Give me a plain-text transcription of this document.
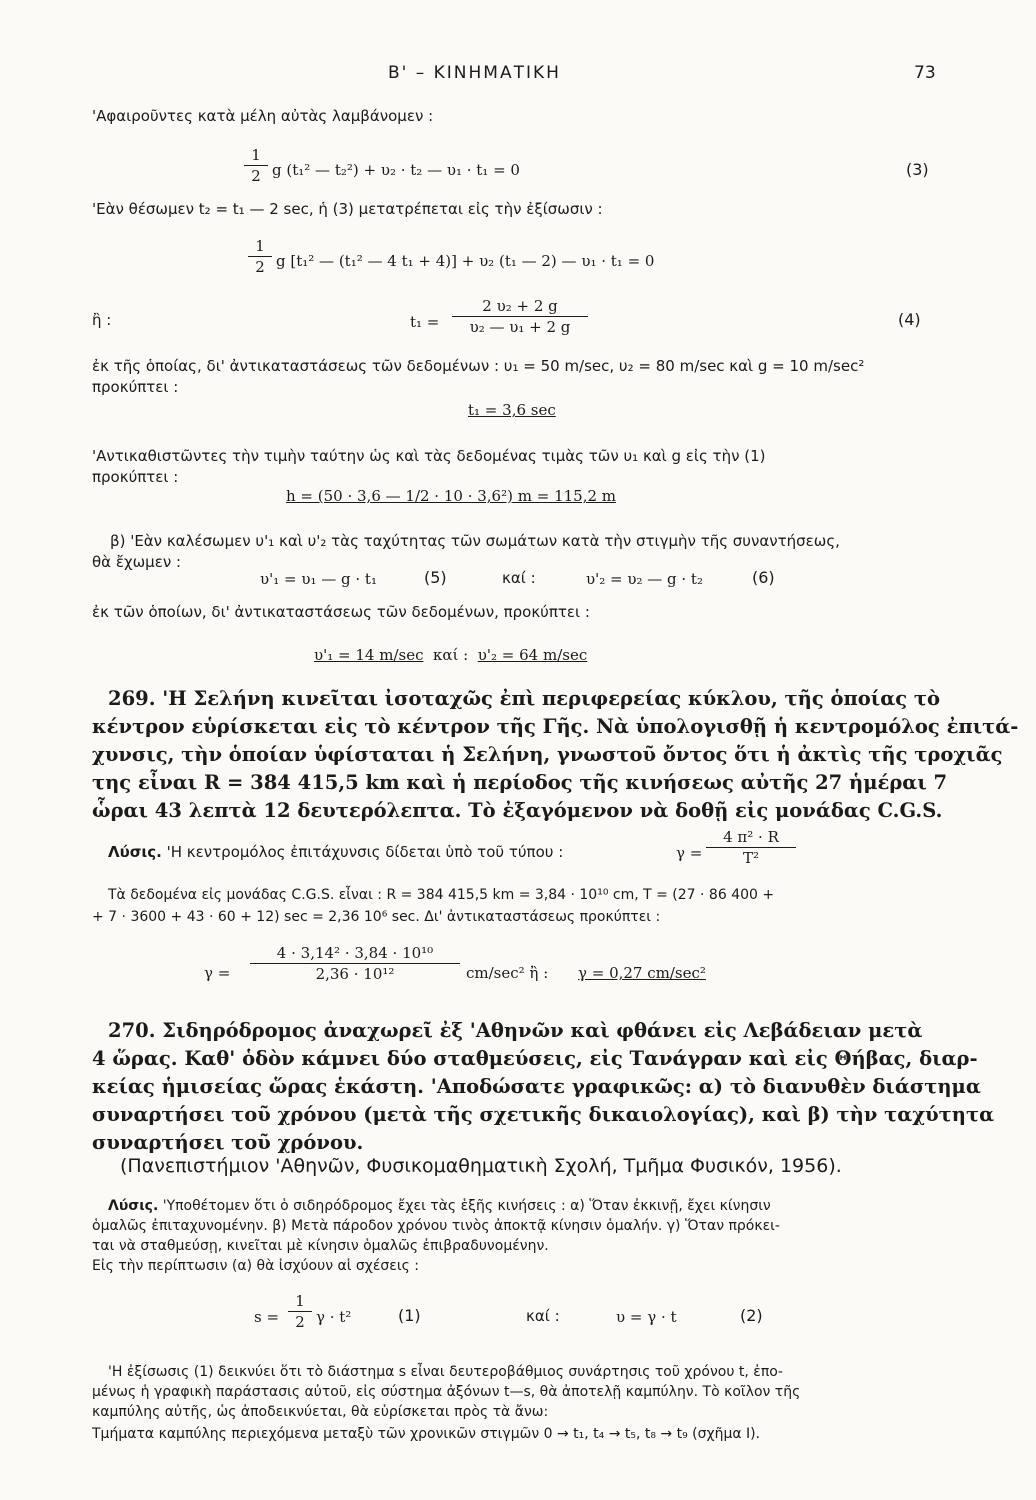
Β' – ΚΙΝΗΜΑΤΙΚΗ	73
'Αφαιροῦντες κατὰ μέλη αὐτὰς λαμβάνομεν :
$\frac{1}{2}$ g (t₁² — t₂²) + υ₂ · t₂ — υ₁ · t₁ = 0	(3)
'Εὰν θέσωμεν t₂ = t₁ — 2 sec, ἡ (3) μετατρέπεται εἰς τὴν ἐξίσωσιν :
$\frac{1}{2}$ g [t₁² — (t₁² — 4 t₁ + 4)] + υ₂ (t₁ — 2) — υ₁ · t₁ = 0
ἢ :	$t_1 = \frac{\text{2 υ₂ + 2 g}}{\text{υ₂ — υ₁ + 2 g}}$	(4)
ἐκ τῆς ὁποίας, δι' ἀντικαταστάσεως τῶν δεδομένων : υ₁ = 50 m/sec, υ₂ = 80 m/sec καὶ g = 10 m/sec²
προκύπτει :
t₁ = 3,6 sec
'Αντικαθιστῶντες τὴν τιμὴν ταύτην ὡς καὶ τὰς δεδομένας τιμὰς τῶν υ₁ καὶ g εἰς τὴν (1)
προκύπτει :
h = (50 · 3,6 — 1/2 · 10 · 3,6²) m = 115,2 m
β) 'Εὰν καλέσωμεν υ'₁ καὶ υ'₂ τὰς ταχύτητας τῶν σωμάτων κατὰ τὴν στιγμὴν τῆς συναντήσεως,
θὰ ἔχωμεν :
υ'₁ = υ₁ — g · t₁	(5)	καί :	υ'₂ = υ₂ — g · t₂	(6)
ἐκ τῶν ὁποίων, δι' ἀντικαταστάσεως τῶν δεδομένων, προκύπτει :
υ'₁ = 14 m/sec καί : υ'₂ = 64 m/sec
269. 'Η Σελήνη κινεῖται ἰσοταχῶς ἐπὶ περιφερείας κύκλου, τῆς ὁποίας τὸ
κέντρον εὑρίσκεται εἰς τὸ κέντρον τῆς Γῆς. Νὰ ὑπολογισθῇ ἡ κεντρομόλος ἐπιτά-
χυνσις, τὴν ὁποίαν ὑφίσταται ἡ Σελήνη, γνωστοῦ ὄντος ὅτι ἡ ἀκτὶς τῆς τροχιᾶς
της εἶναι R = 384 415,5 km καὶ ἡ περίοδος τῆς κινήσεως αὐτῆς 27 ἡμέραι 7
ὧραι 43 λεπτὰ 12 δευτερόλεπτα. Τὸ ἐξαγόμενον νὰ δοθῇ εἰς μονάδας C.G.S.
Λύσις. 'Η κεντρομόλος ἐπιτάχυνσις δίδεται ὑπὸ τοῦ τύπου :	$\gamma = \frac{\text{4 π² · R}}{\text{T²}}$
Τὰ δεδομένα εἰς μονάδας C.G.S. εἶναι : R = 384 415,5 km = 3,84 · 10¹⁰ cm, T = (27 · 86 400 +
+ 7 · 3600 + 43 · 60 + 12) sec = 2,36 10⁶ sec. Δι' ἀντικαταστάσεως προκύπτει :
$\gamma = \frac{\text{4 · 3,14² · 3,84 · 10¹⁰}}{\text{2,36 · 10¹²}} cm/\sec^2$ ἢ : γ = 0,27 cm/sec²
270. Σιδηρόδρομος ἀναχωρεῖ ἐξ 'Αθηνῶν καὶ φθάνει εἰς Λεβάδειαν μετὰ
4 ὥρας. Καθ' ὁδὸν κάμνει δύο σταθμεύσεις, εἰς Τανάγραν καὶ εἰς Θήβας, διαρ-
κείας ἡμισείας ὥρας ἑκάστη. 'Αποδώσατε γραφικῶς: α) τὸ διανυθὲν διάστημα
συναρτήσει τοῦ χρόνου (μετὰ τῆς σχετικῆς δικαιολογίας), καὶ β) τὴν ταχύτητα
συναρτήσει τοῦ χρόνου.
(Πανεπιστήμιον 'Αθηνῶν, Φυσικομαθηματικὴ Σχολή, Τμῆμα Φυσικόν, 1956).
Λύσις. 'Υποθέτομεν ὅτι ὁ σιδηρόδρομος ἔχει τὰς ἑξῆς κινήσεις : α) Ὅταν ἐκκινῇ, ἔχει κίνησιν
ὁμαλῶς ἐπιταχυνομένην. β) Μετὰ πάροδον χρόνου τινὸς ἀποκτᾷ κίνησιν ὁμαλήν. γ) Ὅταν πρόκει-
ται νὰ σταθμεύσῃ, κινεῖται μὲ κίνησιν ὁμαλῶς ἐπιβραδυνομένην.
Εἰς τὴν περίπτωσιν (α) θὰ ἰσχύουν αἱ σχέσεις :
$s = \frac{1}{2}$ γ · t²	(1)	καί :	υ = γ · t	(2)
'Η ἐξίσωσις (1) δεικνύει ὅτι τὸ διάστημα s εἶναι δευτεροβάθμιος συνάρτησις τοῦ χρόνου t, ἐπο-
μένως ἡ γραφικὴ παράστασις αὐτοῦ, εἰς σύστημα ἀξόνων t—s, θὰ ἀποτελῇ καμπύλην. Τὸ κοῖλον τῆς
καμπύλης αὐτῆς, ὡς ἀποδεικνύεται, θὰ εὑρίσκεται πρὸς τὰ ἄνω:
Τμήματα καμπύλης περιεχόμενα μεταξὺ τῶν χρονικῶν στιγμῶν 0 → t₁, t₄ → t₅, t₈ → t₉ (σχῆμα Ι).
